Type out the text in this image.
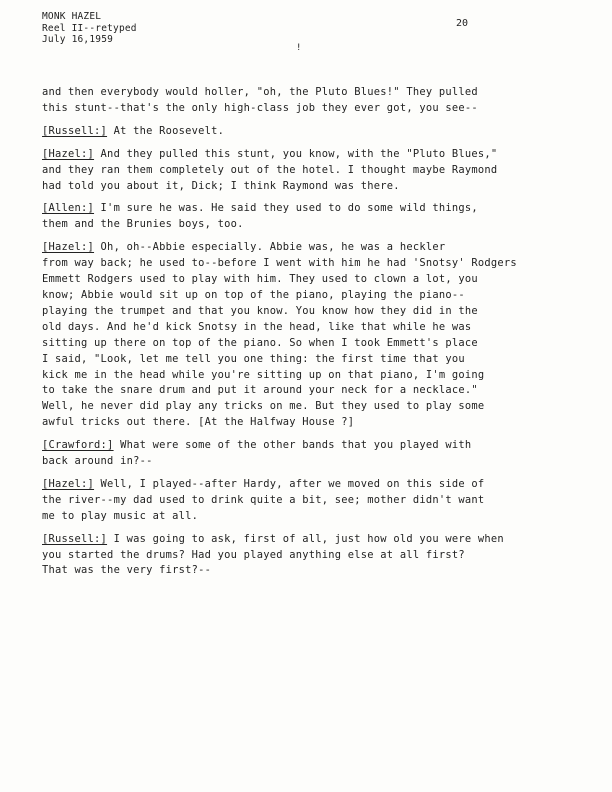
MONK HAZEL
Reel II--retyped
July 16,1959
20
!
and then everybody would holler, "oh, the Pluto Blues!" They pulled
this stunt--that's the only high-class job they ever got, you see--
[Russell:] At the Roosevelt.
[Hazel:] And they pulled this stunt, you know, with the "Pluto Blues,"
and they ran them completely out of the hotel. I thought maybe Raymond
had told you about it, Dick; I think Raymond was there.
[Allen:] I'm sure he was. He said they used to do some wild things,
them and the Brunies boys, too.
[Hazel:] Oh, oh--Abbie especially. Abbie was, he was a heckler
from way back; he used to--before I went with him he had 'Snotsy' Rodgers
Emmett Rodgers used to play with him. They used to clown a lot, you
know; Abbie would sit up on top of the piano, playing the piano--
playing the trumpet and that you know. You know how they did in the
old days. And he'd kick Snotsy in the head, like that while he was
sitting up there on top of the piano. So when I took Emmett's place
I said, "Look, let me tell you one thing: the first time that you
kick me in the head while you're sitting up on that piano, I'm going
to take the snare drum and put it around your neck for a necklace."
Well, he never did play any tricks on me. But they used to play some
awful tricks out there. [At the Halfway House ?]
[Crawford:] What were some of the other bands that you played with
back around in?--
[Hazel:] Well, I played--after Hardy, after we moved on this side of
the river--my dad used to drink quite a bit, see; mother didn't want
me to play music at all.
[Russell:] I was going to ask, first of all, just how old you were when
you started the drums? Had you played anything else at all first?
That was the very first?--
